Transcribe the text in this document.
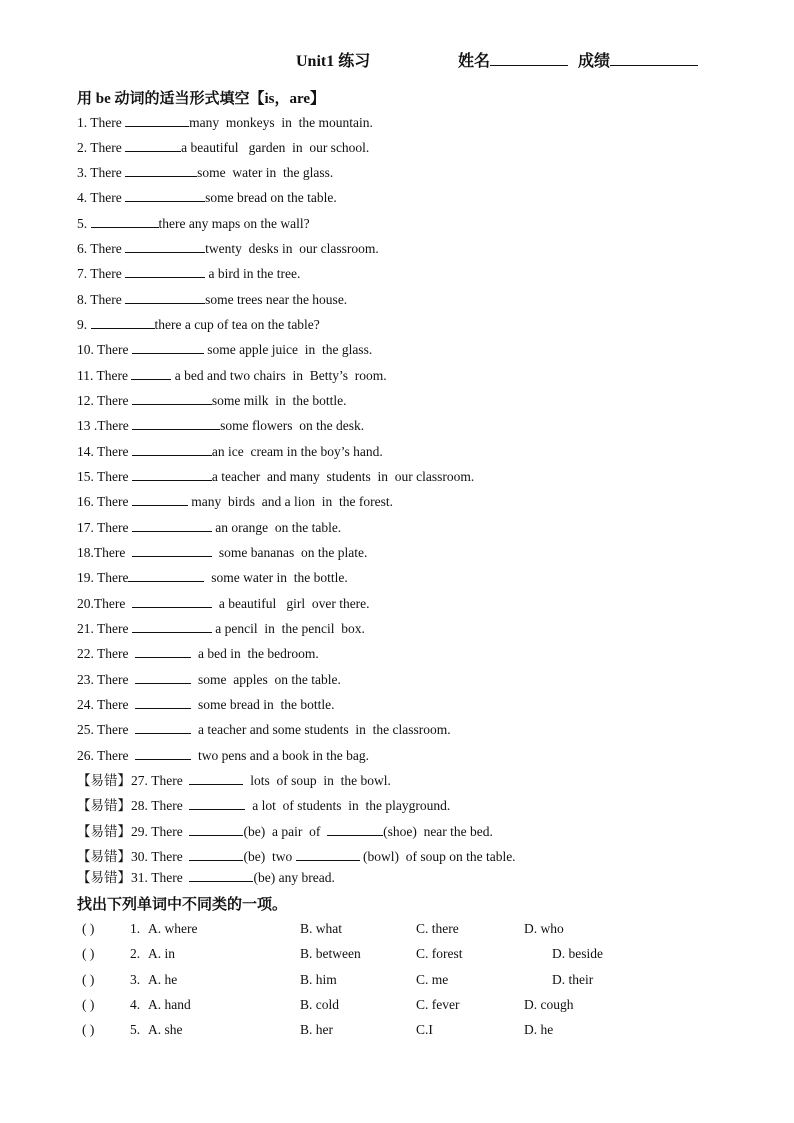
Unit1 练习	姓名	成绩
用 be 动词的适当形式填空【is，are】
1. There	many  monkeys  in  the mountain.
2. There	a beautiful   garden  in  our school.
3. There	some  water in  the glass.
4. There	some bread on the table.
5.	there any maps on the wall?
6. There	twenty  desks in  our classroom.
7. There	a bird in the tree.
8. There	some trees near the house.
9.	there a cup of tea on the table?
10. There	some apple juice  in  the glass.
11. There	a bed and two chairs  in  Betty’s  room.
12. There	some milk  in  the bottle.
13 .There	some flowers  on the desk.
14. There	an ice  cream in the boy’s hand.
15. There	a teacher  and many  students  in  our classroom.
16. There	many  birds  and a lion  in  the forest.
17. There	an orange  on the table.
18.There	some bananas  on the plate.
19. There	some water in  the bottle.
20.There	a beautiful   girl  over there.
21. There	a pencil  in  the pencil  box.
22. There	a bed in  the bedroom.
23. There	some  apples  on the table.
24. There	some bread in  the bottle.
25. There	a teacher and some students  in  the classroom.
26. There	two pens and a book in the bag.
【易错】27. There	lots  of soup  in  the bowl.
【易错】28. There	a lot  of students  in  the playground.
【易错】29. There	(be)  a pair  of	(shoe)  near the bed.
【易错】30. There	(be)  two	(bowl)  of soup on the table.
【易错】31. There	(be) any bread.
找出下列单词中不同类的一项。
( )	1. A. where	B. what	C. there	D. who
( )	2. A. in	B. between	C. forest	D. beside
( )	3. A. he	B. him	C. me	D. their
( )	4. A. hand	B. cold	C. fever	D. cough
( )	5. A. she	B. her	C.I	D. he
